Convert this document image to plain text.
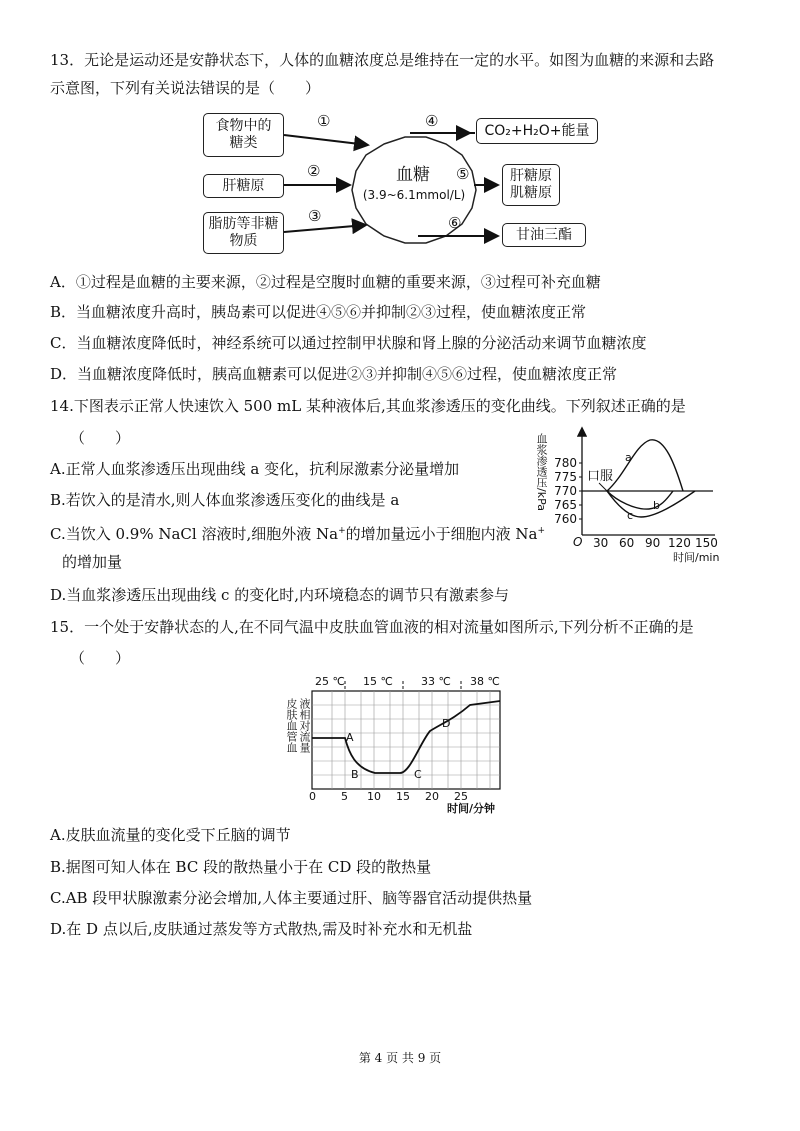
13．无论是运动还是安静状态下，人体的血糖浓度总是维持在一定的水平。如图为血糖的来源和去路
示意图，下列有关说法错误的是（　　）
食物中的糖类
肝糖原
脂肪等非糖物质
①
②
③
④
⑤
⑥
血糖
(3.9~6.1mmol/L)
CO₂+H₂O+能量
肝糖原肌糖原
甘油三酯
A．①过程是血糖的主要来源，②过程是空腹时血糖的重要来源，③过程可补充血糖
B．当血糖浓度升高时，胰岛素可以促进④⑤⑥并抑制②③过程，使血糖浓度正常
C．当血糖浓度降低时，神经系统可以通过控制甲状腺和肾上腺的分泌活动来调节血糖浓度
D．当血糖浓度降低时，胰高血糖素可以促进②③并抑制④⑤⑥过程，使血糖浓度正常
14.下图表示正常人快速饮入 500 mL 某种液体后,其血浆渗透压的变化曲线。下列叙述正确的是
（　　）
A.正常人血浆渗透压出现曲线 a 变化，抗利尿激素分泌量增加
B.若饮入的是清水,则人体血浆渗透压变化的曲线是 a
C.当饮入 0.9% NaCl 溶液时,细胞外液 Na+的增加量远小于细胞内液 Na+
的增加量
D.当血浆渗透压出现曲线 c 的变化时,内环境稳态的调节只有激素参与
780
775
770
765
760
血浆渗透压/kPa
O 30 60 90 120 150
时间/min
口服
a
b
c
15．一个处于安静状态的人,在不同气温中皮肤血管血液的相对流量如图所示,下列分析不正确的是
（　　）
25 ℃ 15 ℃	33 ℃ 38 ℃
A
B	C
D
皮肤血管血 液相对流量
0 5 10 15 20 25
时间/分钟
A.皮肤血流量的变化受下丘脑的调节
B.据图可知人体在 BC 段的散热量小于在 CD 段的散热量
C.AB 段甲状腺激素分泌会增加,人体主要通过肝、脑等器官活动提供热量
D.在 D 点以后,皮肤通过蒸发等方式散热,需及时补充水和无机盐
第 4 页 共 9 页
